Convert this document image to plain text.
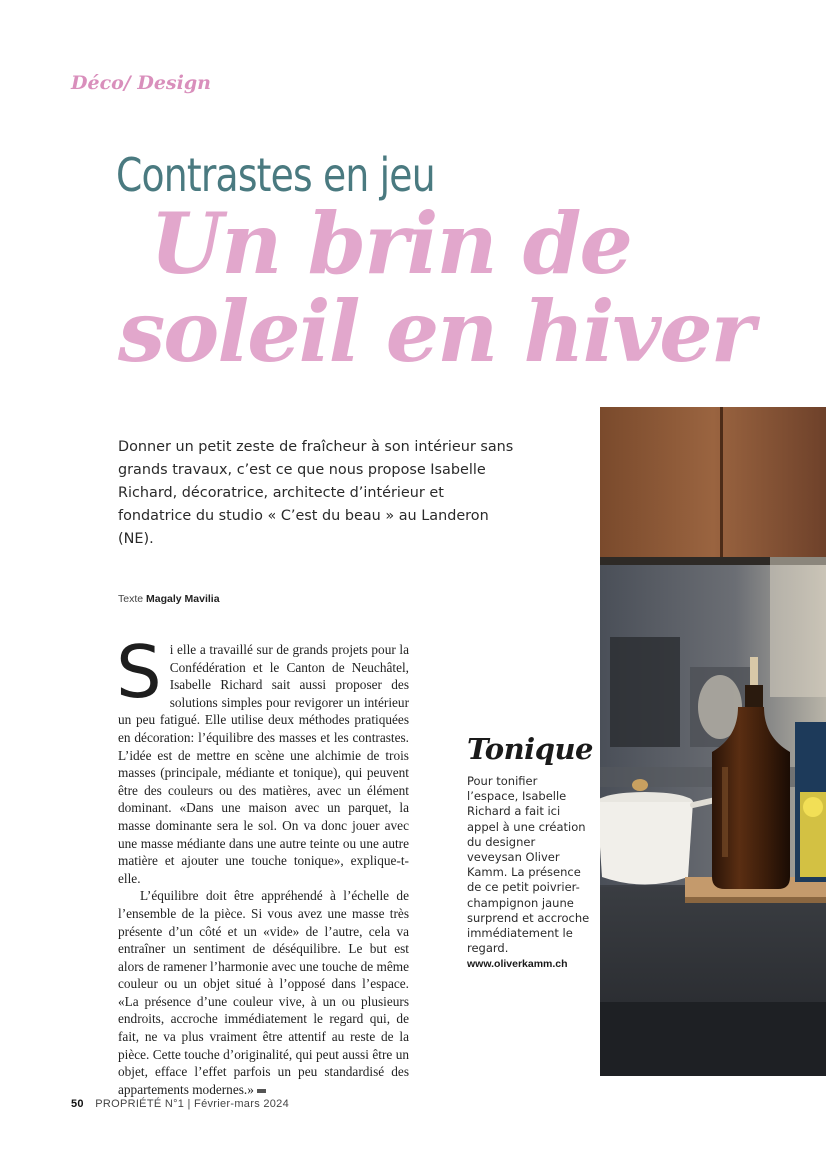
Déco/ Design
Contrastes en jeu
Un brin de
soleil en hiver

Donner un petit zeste de fraîcheur à son intérieur sans grands travaux, c’est ce que nous propose Isabelle Richard, décoratrice, architecte d’intérieur et fondatrice du studio « C’est du beau » au Landeron (NE).

Texte Magaly Mavilia

Si elle a travaillé sur de grands projets pour la Confédération et le Canton de Neuchâtel, Isabelle Richard sait aussi proposer des solutions simples pour revigorer un intérieur un peu fatigué. Elle utilise deux méthodes pratiquées en décoration: l’équilibre des masses et les contrastes. L’idée est de mettre en scène une alchimie de trois masses (principale, médiante et tonique), qui peuvent être des couleurs ou des matières, avec un élément dominant. «Dans une maison avec un parquet, la masse dominante sera le sol. On va donc jouer avec une masse médiante dans une autre teinte ou une autre matière et ajouter une touche tonique», explique-t-elle.

L’équilibre doit être appréhendé à l’échelle de l’ensemble de la pièce. Si vous avez une masse très présente d’un côté et un «vide» de l’autre, cela va entraîner un sentiment de déséquilibre. Le but est alors de ramener l’harmonie avec une touche de même couleur ou un objet situé à l’opposé dans l’espace. «La présence d’une couleur vive, à un ou plusieurs endroits, accroche immédiatement le regard qui, de fait, ne va plus vraiment être attentif au reste de la pièce. Cette touche d’originalité, qui peut aussi être un objet, efface l’effet parfois un peu standardisé des appartements modernes.»

Tonique

Pour tonifier l’espace, Isabelle Richard a fait ici appel à une création du designer veveysan Oliver Kamm. La présence de ce petit poivrier-champignon jaune surprend et accroche immédiatement le regard.

www.oliverkamm.ch
50 PROPRIÉTÉ N°1 | Février-mars 2024
